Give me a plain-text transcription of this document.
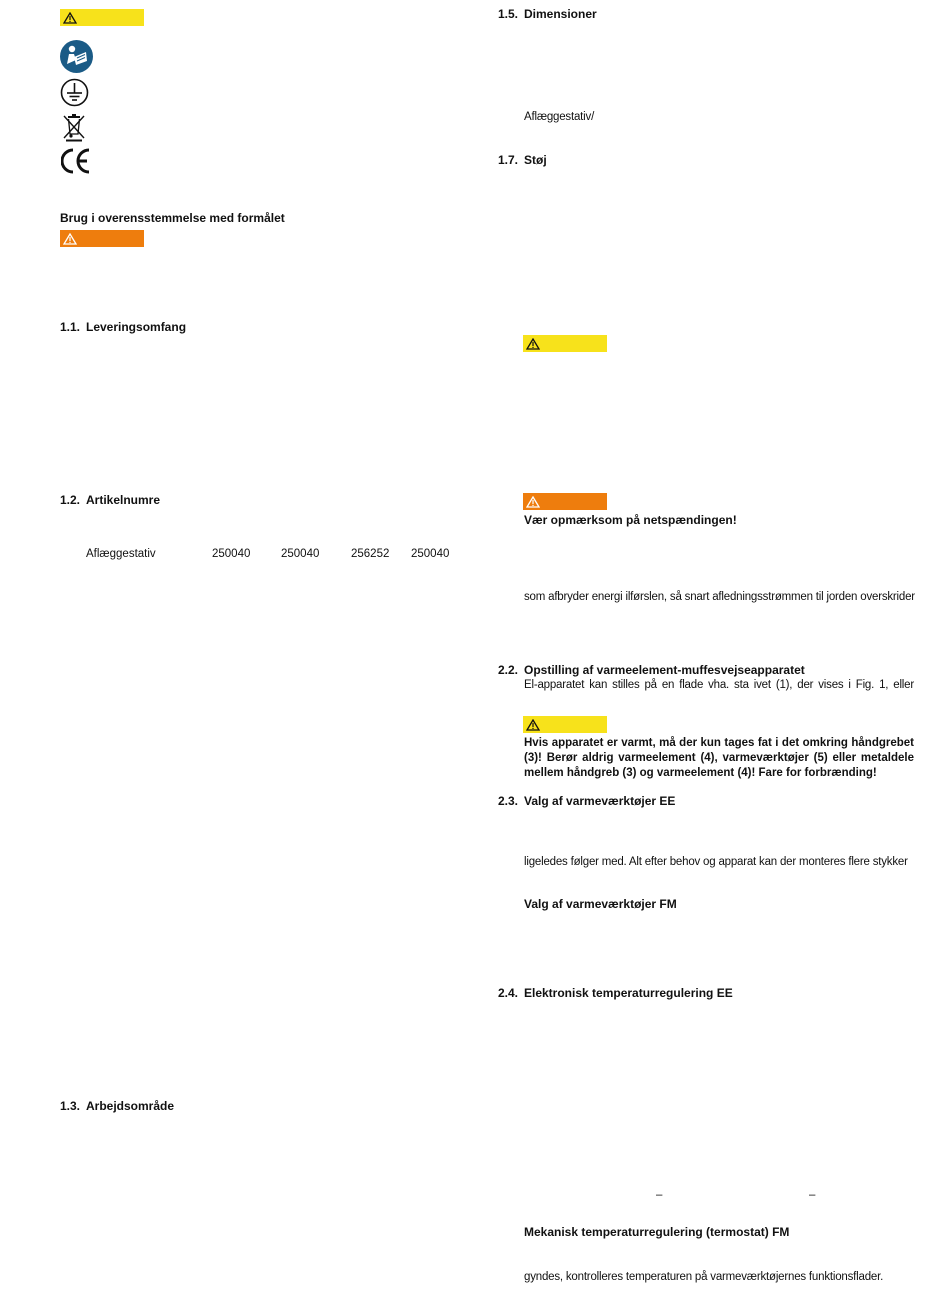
Brug i overensstemmelse med formålet
1.1. Leveringsomfang
1.2. Artikelnumre
Aflæggestativ	250040	250040	256252 250040
1.3. Arbejdsområde
1.5. Dimensioner
Aflæggestativ/
1.7. Støj
Vær opmærksom på netspændingen!
som afbryder energi ilførslen, så snart afledningsstrømmen til jorden overskrider
2.2. Opstilling af varmeelement-muffesvejseapparatet
El-apparatet kan stilles på en flade vha. sta ivet (1), der vises i Fig. 1, eller
Hvis apparatet er varmt, må der kun tages fat i det omkring håndgrebet
(3)! Berør aldrig varmeelement (4), varmeværktøjer (5) eller metaldele
mellem håndgreb (3) og varmeelement (4)! Fare for forbrænding!
2.3. Valg af varmeværktøjer EE
ligeledes følger med. Alt efter behov og apparat kan der monteres flere stykker
Valg af varmeværktøjer FM
2.4. Elektronisk temperaturregulering EE
–	–
Mekanisk temperaturregulering (termostat) FM
gyndes, kontrolleres temperaturen på varmeværktøjernes funktionsflader.
